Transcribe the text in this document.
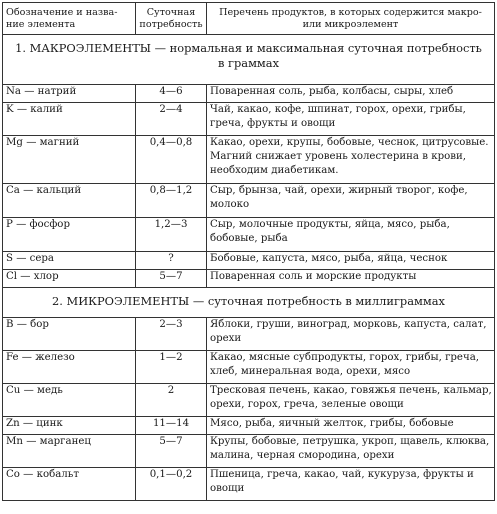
Обозначение и назва-ние элемента	Суточная потребность	Перечень продуктов, в которых содержится макро- или микроэлемент
1. МАКРОЭЛЕМЕНТЫ — нормальная и максимальная суточная потребность в граммах		
Na — натрий	4—6	Поваренная соль, рыба, колбасы, сыры, хлеб
K — калий	2—4	Чай, какао, кофе, шпинат, горох, орехи, грибы, греча, фрукты и овощи
Mg — магний	0,4—0,8	Какао, орехи, крупы, бобовые, чеснок, цитрусовые. Магний снижает уровень холестерина в крови, необходим диабетикам.
Ca — кальций	0,8—1,2	Сыр, брынза, чай, орехи, жирный творог, кофе, молоко
P — фосфор	1,2—3	Сыр, молочные продукты, яйца, мясо, рыба, бобовые, рыба
S — сера	?	Бобовые, капуста, мясо, рыба, яйца, чеснок
Cl — хлор	5—7	Поваренная соль и морские продукты
2. МИКРОЭЛЕМЕНТЫ — суточная потребность в миллиграммах		
B — бор	2—3	Яблоки, груши, виноград, морковь, капуста, салат, орехи
Fe — железо	1—2	Какао, мясные субпродукты, горох, грибы, греча, хлеб, минеральная вода, орехи, мясо
Cu — медь	2	Тресковая печень, какао, говяжья печень, кальмар, орехи, горох, греча, зеленые овощи
Zn — цинк	11—14	Мясо, рыба, яичный желток, грибы, бобовые
Mn — марганец	5—7	Крупы, бобовые, петрушка, укроп, щавель, клюква, малина, черная смородина, орехи
Co — кобальт	0,1—0,2	Пшеница, греча, какао, чай, кукуруза, фрукты и овощи
